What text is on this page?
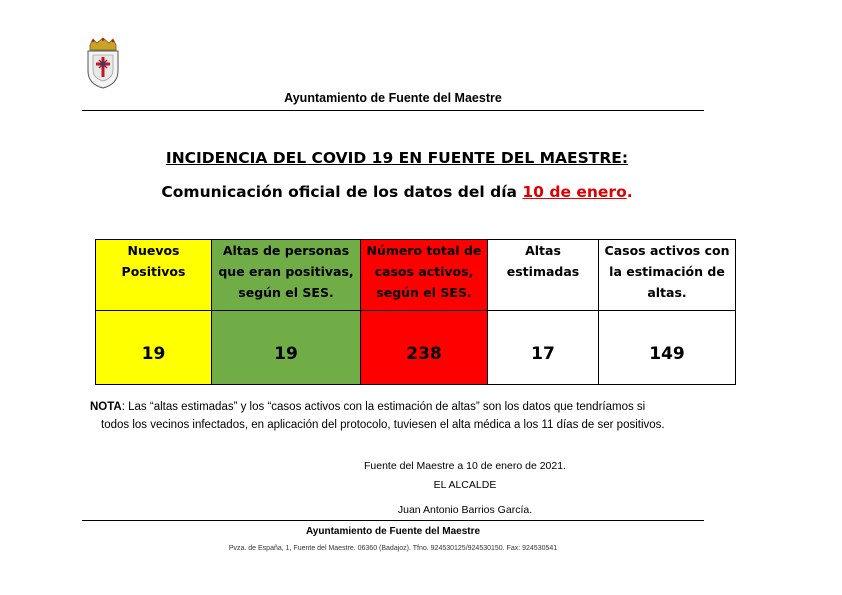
Ayuntamiento de Fuente del Maestre
INCIDENCIA DEL COVID 19 EN FUENTE DEL MAESTRE:
Comunicación oficial de los datos del día 10 de enero.
Nuevos Positivos	Altas de personas que eran positivas, según el SES.	Número total de casos activos, según el SES.	Altas estimadas	Casos activos con la estimación de altas.
19	19	238	17	149
NOTA: Las “altas estimadas” y los “casos activos con la estimación de altas” son los datos que tendríamos si
todos los vecinos infectados, en aplicación del protocolo, tuviesen el alta médica a los 11 días de ser positivos.
Fuente del Maestre a 10 de enero de 2021.
EL ALCALDE
Juan Antonio Barrios García.
Ayuntamiento de Fuente del Maestre
Pvza. de España, 1, Fuente del Maestre. 06360 (Badajoz). Tfno. 924530125/924530150. Fax: 924530541
